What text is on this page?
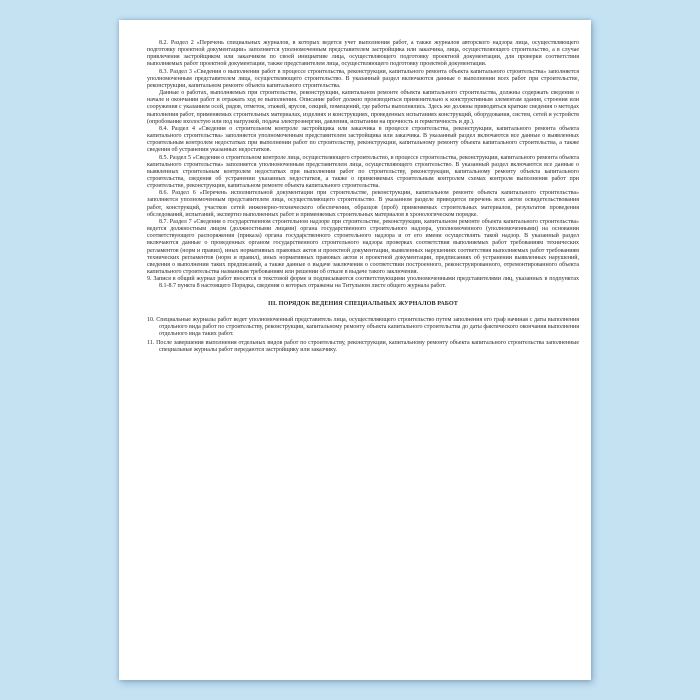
8.2. Раздел 2 «Перечень специальных журналов, в которых ведется учет выполнения работ, а также журналов авторского надзора лица, осуществляющего подготовку проектной документации» заполняется уполномоченным представителем застройщика или заказчика, лица, осуществляющего строительство, а в случае привлечения застройщиком или заказчиком по своей инициативе лица, осуществляющего подготовку проектной документации, для проверки соответствия выполняемых работ проектной документации, также представителем лица, осуществляющего подготовку проектной документации.

8.3. Раздел 3 «Сведения о выполнении работ в процессе строительства, реконструкции, капитального ремонта объекта капитального строительства» заполняется уполномоченным представителем лица, осуществляющего строительство. В указанный раздел включаются данные о выполнении всех работ при строительстве, реконструкции, капитальном ремонте объекта капитального строительства.

Данные о работах, выполняемых при строительстве, реконструкции, капитальном ремонте объекта капитального строительства, должны содержать сведения о начале и окончании работ и отражать ход ее выполнения. Описание работ должно производиться применительно к конструктивным элементам здания, строения или сооружения с указанием осей, рядов, отметок, этажей, ярусов, секций, помещений, где работы выполнялись. Здесь же должны приводиться краткие сведения о методах выполнения работ, применяемых строительных материалах, изделиях и конструкциях, проведенных испытаниях конструкций, оборудования, систем, сетей и устройств (опробование вхолостую или под нагрузкой, подача электроэнергии, давления, испытания на прочность и герметичность и др.).

8.4. Раздел 4 «Сведения о строительном контроле застройщика или заказчика в процессе строительства, реконструкции, капитального ремонта объекта капитального строительства» заполняется уполномоченным представителем застройщика или заказчика. В указанный раздел включаются все данные о выявленных строительным контролем недостатках при выполнении работ по строительству, реконструкции, капитальному ремонту объекта капитального строительства, а также сведения об устранении указанных недостатков.

8.5. Раздел 5 «Сведения о строительном контроле лица, осуществляющего строительство, в процессе строительства, реконструкции, капитального ремонта объекта капитального строительства» заполняется уполномоченным представителем лица, осуществляющего строительство. В указанный раздел включаются все данные о выявленных строительным контролем недостатках при выполнении работ по строительству, реконструкции, капитальному ремонту объекта капитального строительства, сведения об устранении указанных недостатков, а также о применяемых строительным контролем схемах контроля выполнения работ при строительстве, реконструкции, капитальном ремонте объекта капитального строительства.

8.6. Раздел 6 «Перечень исполнительной документации при строительстве, реконструкции, капитальном ремонте объекта капитального строительства» заполняется уполномоченным представителем лица, осуществляющего строительство. В указанном разделе приводится перечень всех актов освидетельствования работ, конструкций, участков сетей инженерно-технического обеспечения, образцов (проб) применяемых строительных материалов, результатов проведения обследований, испытаний, экспертиз выполненных работ и применяемых строительных материалов в хронологическом порядке.

8.7. Раздел 7 «Сведения о государственном строительном надзоре при строительстве, реконструкции, капитальном ремонте объекта капитального строительства» ведется должностным лицом (должностными лицами) органа государственного строительного надзора, уполномоченного (уполномоченными) на основании соответствующего распоряжения (приказа) органа государственного строительного надзора и от его имени осуществлять такой надзор. В указанный раздел включаются данные о проведенных органом государственного строительного надзора проверках соответствия выполняемых работ требованиям технических регламентов (норм и правил), иных нормативных правовых актов и проектной документации, выявленных нарушениях соответствия выполняемых работ требованиям технических регламентов (норм и правил), иных нормативных правовых актов и проектной документации, предписаниях об устранении выявленных нарушений, сведения о выполнении таких предписаний, а также данные о выдаче заключения о соответствии построенного, реконструированного, отремонтированного объекта капитального строительства названным требованиям или решении об отказе в выдаче такого заключения.

9. Запися в общий журнал работ вносятся в текстовой форме и подписываются соответствующими уполномоченными представителями лиц, указанных в подпунктах 8.1-8.7 пункта 8 настоящего Порядка, сведения о которых отражены на Титульном листе общего журнала работ.

III. ПОРЯДОК ВЕДЕНИЯ СПЕЦИАЛЬНЫХ ЖУРНАЛОВ РАБОТ

10. Специальные журналы работ ведет уполномоченный представитель лица, осуществляющего строительство путем заполнения его граф начиная с даты выполнения отдельного вида работ по строительству, реконструкции, капитальному ремонту объекта капитального строительства до даты фактического окончания выполнения отдельного вида таких работ.

11. После завершения выполнения отдельных видов работ по строительству, реконструкции, капитальному ремонту объекта капитального строительства заполненные специальные журналы работ передаются застройщику или заказчику.
